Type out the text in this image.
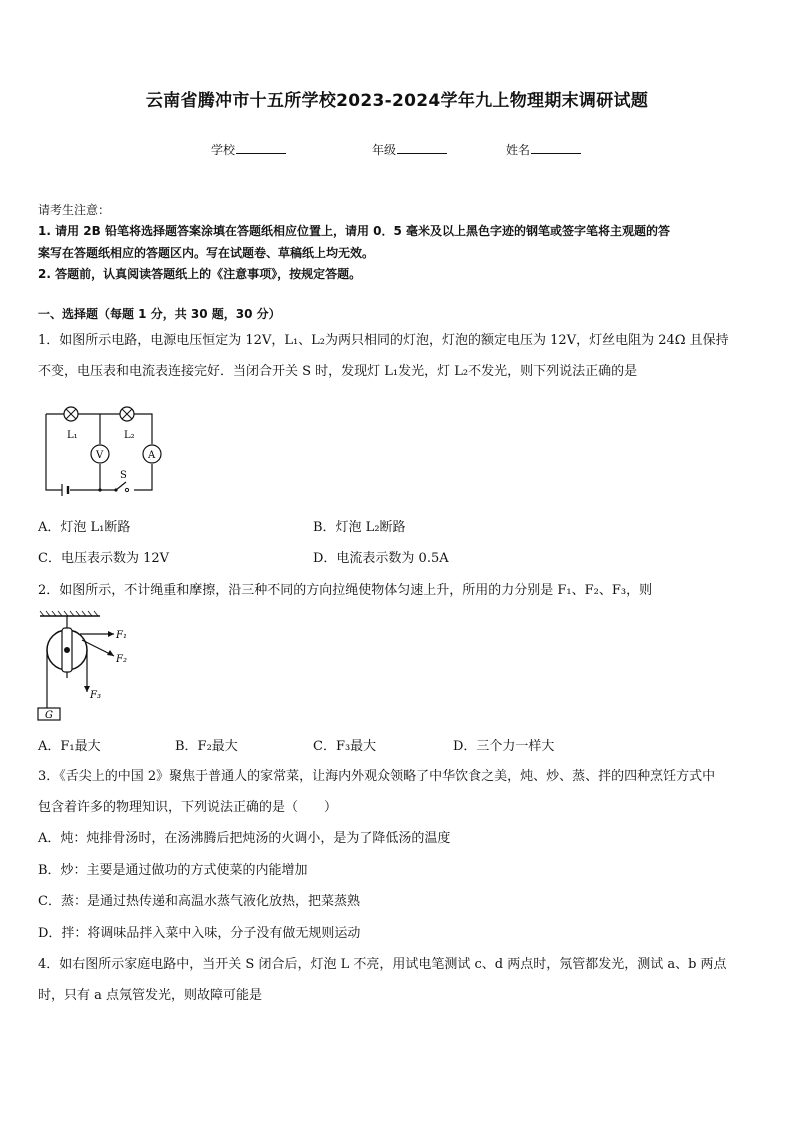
云南省腾冲市十五所学校2023-2024学年九上物理期末调研试题
学校	年级	姓名
请考生注意：
1. 请用 2B 铅笔将选择题答案涂填在答题纸相应位置上，请用 0．5 毫米及以上黑色字迹的钢笔或签字笔将主观题的答
案写在答题纸相应的答题区内。写在试题卷、草稿纸上均无效。
2. 答题前，认真阅读答题纸上的《注意事项》，按规定答题。
一、选择题（每题 1 分，共 30 题，30 分）
1．如图所示电路，电源电压恒定为 12V，L₁、L₂为两只相同的灯泡，灯泡的额定电压为 12V，灯丝电阻为 24Ω 且保持
不变，电压表和电流表连接完好．当闭合开关 S 时，发现灯 L₁发光，灯 L₂不发光，则下列说法正确的是
L₁	L₂
V	A
S
A．灯泡 L₁断路	B．灯泡 L₂断路
C．电压表示数为 12V	D．电流表示数为 0.5A
2．如图所示，不计绳重和摩擦，沿三种不同的方向拉绳使物体匀速上升，所用的力分别是 F₁、F₂、F₃，则
F₁
F₂
F₃
G
A．F₁最大	B．F₂最大	C．F₃最大	D．三个力一样大
3．《舌尖上的中国 2》聚焦于普通人的家常菜，让海内外观众领略了中华饮食之美，炖、炒、蒸、拌的四种烹饪方式中
包含着许多的物理知识，下列说法正确的是（　　）
A．炖：炖排骨汤时，在汤沸腾后把炖汤的火调小，是为了降低汤的温度
B．炒：主要是通过做功的方式使菜的内能增加
C．蒸：是通过热传递和高温水蒸气液化放热，把菜蒸熟
D．拌：将调味品拌入菜中入味，分子没有做无规则运动
4．如右图所示家庭电路中，当开关 S 闭合后，灯泡 L 不亮，用试电笔测试 c、d 两点时，氖管都发光，测试 a、b 两点
时，只有 a 点氖管发光，则故障可能是
